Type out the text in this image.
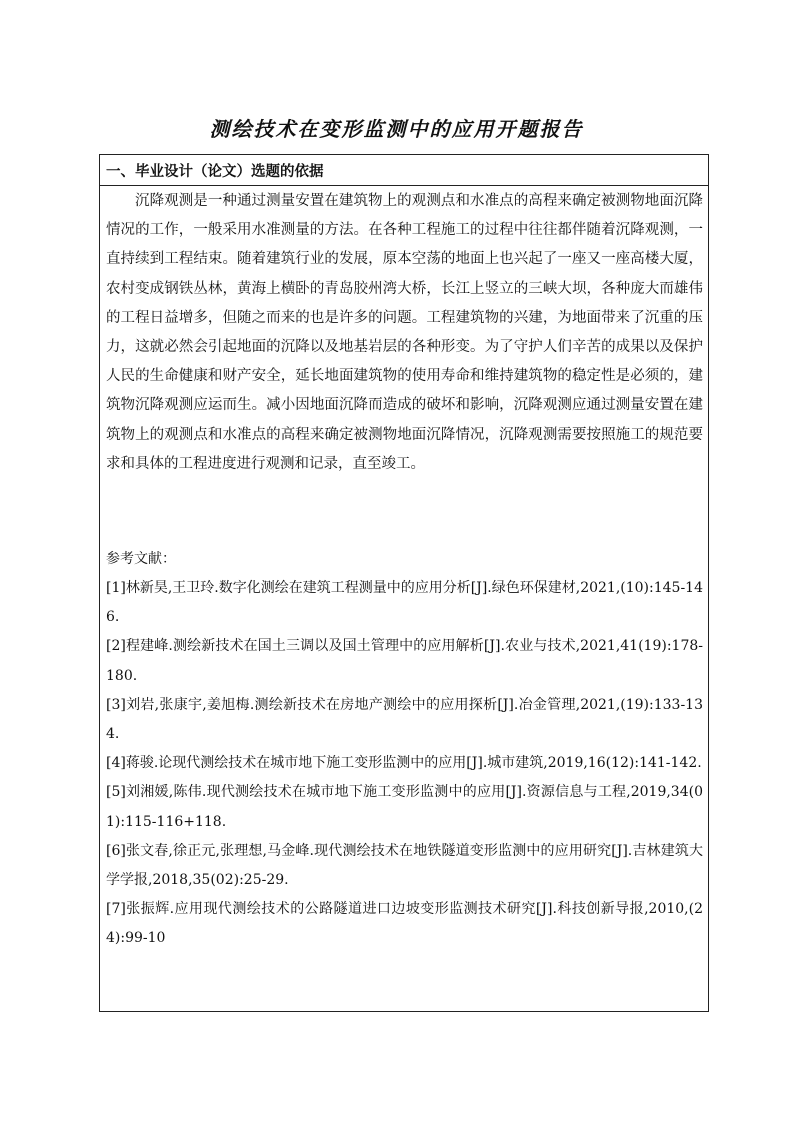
测绘技术在变形监测中的应用开题报告
一、毕业设计（论文）选题的依据

沉降观测是一种通过测量安置在建筑物上的观测点和水准点的高程来确定被测物地面沉降情况的工作，一般采用水准测量的方法。在各种工程施工的过程中往往都伴随着沉降观测，一直持续到工程结束。随着建筑行业的发展，原本空荡的地面上也兴起了一座又一座高楼大厦，农村变成钢铁丛林，黄海上横卧的青岛胶州湾大桥，长江上竖立的三峡大坝，各种庞大而雄伟的工程日益增多，但随之而来的也是许多的问题。工程建筑物的兴建，为地面带来了沉重的压力，这就必然会引起地面的沉降以及地基岩层的各种形变。为了守护人们辛苦的成果以及保护人民的生命健康和财产安全，延长地面建筑物的使用寿命和维持建筑物的稳定性是必须的，建筑物沉降观测应运而生。减小因地面沉降而造成的破坏和影响，沉降观测应通过测量安置在建筑物上的观测点和水准点的高程来确定被测物地面沉降情况，沉降观测需要按照施工的规范要求和具体的工程进度进行观测和记录，直至竣工。

参考文献：
[1]林新昊,王卫玲.数字化测绘在建筑工程测量中的应用分析[J].绿色环保建材,2021,(10):145-146.
[2]程建峰.测绘新技术在国土三调以及国土管理中的应用解析[J].农业与技术,2021,41(19):178-180.
[3]刘岩,张康宇,姜旭梅.测绘新技术在房地产测绘中的应用探析[J].冶金管理,2021,(19):133-134.
[4]蒋骏.论现代测绘技术在城市地下施工变形监测中的应用[J].城市建筑,2019,16(12):141-142.
[5]刘湘媛,陈伟.现代测绘技术在城市地下施工变形监测中的应用[J].资源信息与工程,2019,34(01):115-116+118.
[6]张文春,徐正元,张理想,马金峰.现代测绘技术在地铁隧道变形监测中的应用研究[J].吉林建筑大学学报,2018,35(02):25-29.
[7]张振辉.应用现代测绘技术的公路隧道进口边坡变形监测技术研究[J].科技创新导报,2010,(24):99-10
